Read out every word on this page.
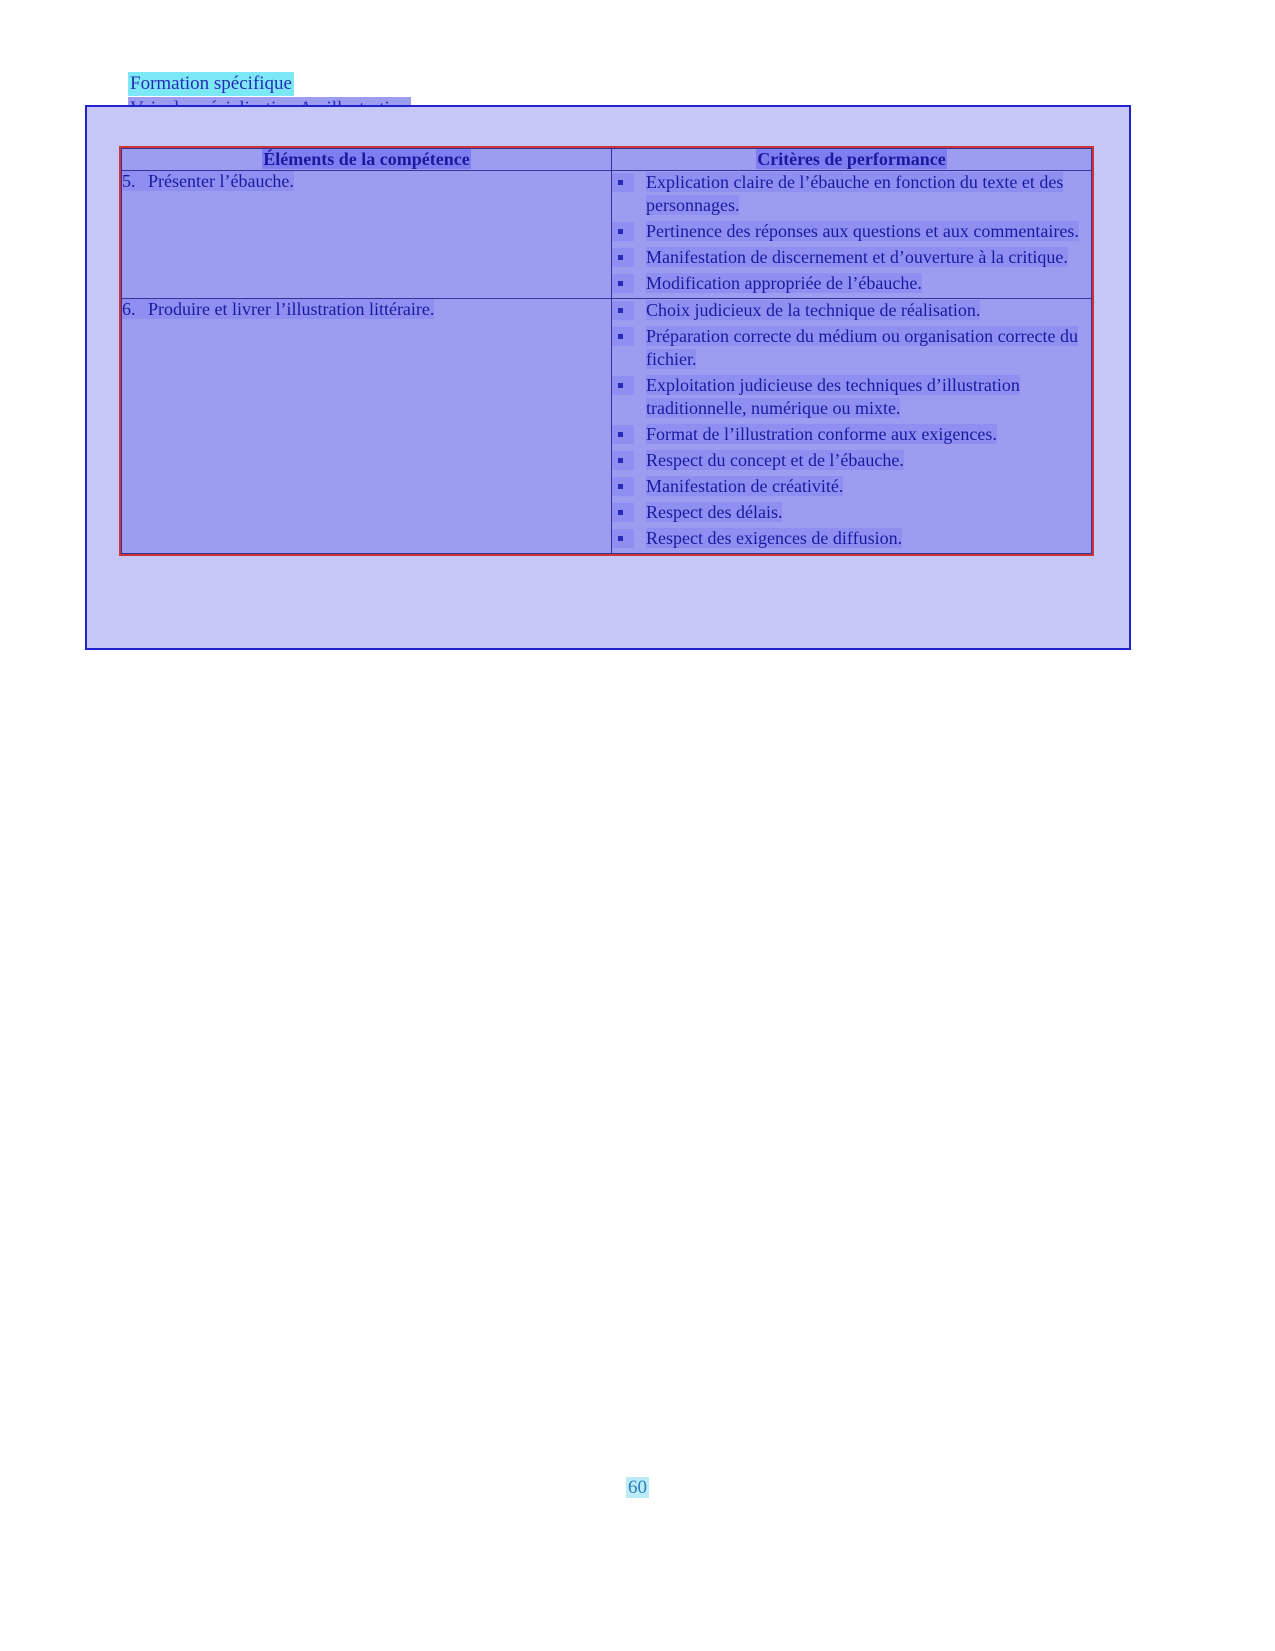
Formation spécifique
Éléments de la compétence	Critères de performance

5. Présenter l’ébauche.	Explication claire de l’ébauche en fonction du texte et des personnages.
Pertinence des réponses aux questions et aux commentaires.
Manifestation de discernement et d’ouverture à la critique.
Modification appropriée de l’ébauche.

6. Produire et livrer l’illustration littéraire.	Choix judicieux de la technique de réalisation.
Préparation correcte du médium ou organisation correcte du fichier.
Exploitation judicieuse des techniques d’illustration traditionnelle, numérique ou mixte.
Format de l’illustration conforme aux exigences.
Respect du concept et de l’ébauche.
Manifestation de créativité.
Respect des délais.
Respect des exigences de diffusion.
60
